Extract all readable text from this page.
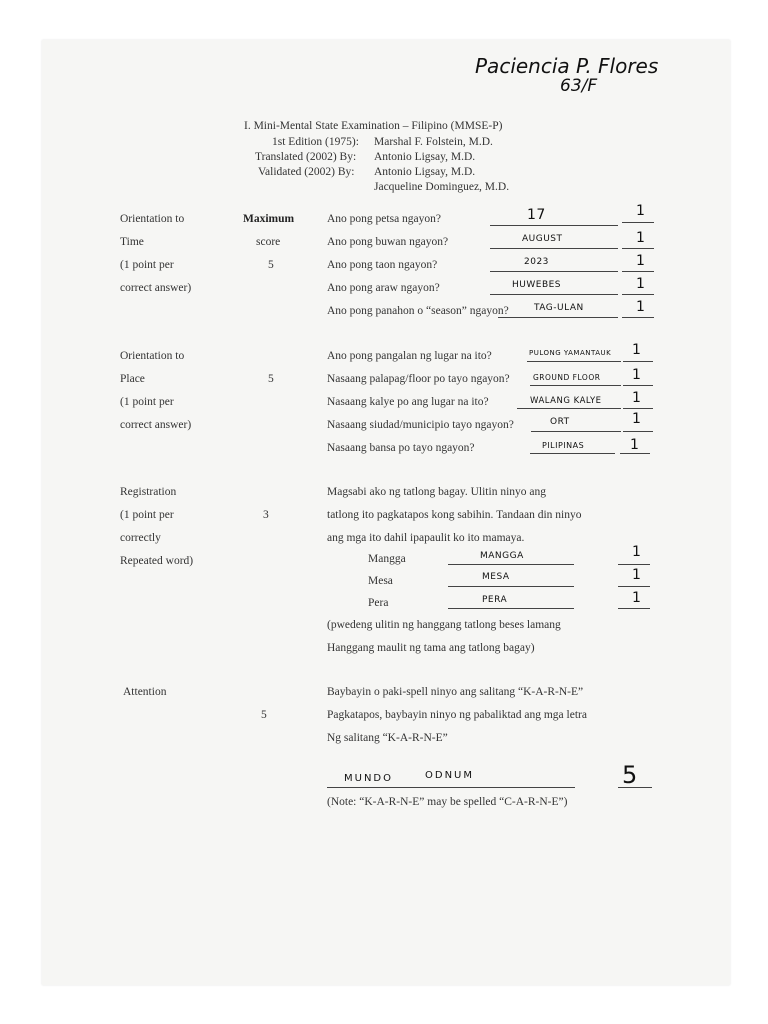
Paciencia P. Flores
63/F
I. Mini-Mental State Examination – Filipino (MMSE-P)
1st Edition (1975): Marshal F. Folstein, M.D.
Translated (2002) By: Antonio Ligsay, M.D.
Validated (2002) By: Antonio Ligsay, M.D.
Jacqueline Dominguez, M.D.
Maximum
score
Orientation to
Time
(1 point per
correct answer)
5
Ano pong petsa ngayon?
Ano pong buwan ngayon?
Ano pong taon ngayon?
Ano pong araw ngayon?
Ano pong panahon o “season” ngayon?
17
AUGUST
2023
HUWEBES
TAG-ULAN
1
1
1
1
1
Orientation to
Place
(1 point per
correct answer)
5
Ano pong pangalan ng lugar na ito?
Nasaang palapag/floor po tayo ngayon?
Nasaang kalye po ang lugar na ito?
Nasaang siudad/municipio tayo ngayon?
Nasaang bansa po tayo ngayon?
PULONG YAMANTAUK
GROUND FLOOR
WALANG KALYE
ORT
PILIPINAS
1
1
1
1
1
Registration
(1 point per
correctly
Repeated word)
3
Magsabi ako ng tatlong bagay. Ulitin ninyo ang
tatlong ito pagkatapos kong sabihin. Tandaan din ninyo
ang mga ito dahil ipapaulit ko ito mamaya.
Mangga
Mesa
Pera
MANGGA
MESA
PERA
1
1
1
(pwedeng ulitin ng hanggang tatlong beses lamang
Hanggang maulit ng tama ang tatlong bagay)
Attention
5
Baybayin o paki-spell ninyo ang salitang “K-A-R-N-E”
Pagkatapos, baybayin ninyo ng pabaliktad ang mga letra
Ng salitang “K-A-R-N-E”
MUNDO	ODNUM	5
(Note: “K-A-R-N-E” may be spelled “C-A-R-N-E”)
